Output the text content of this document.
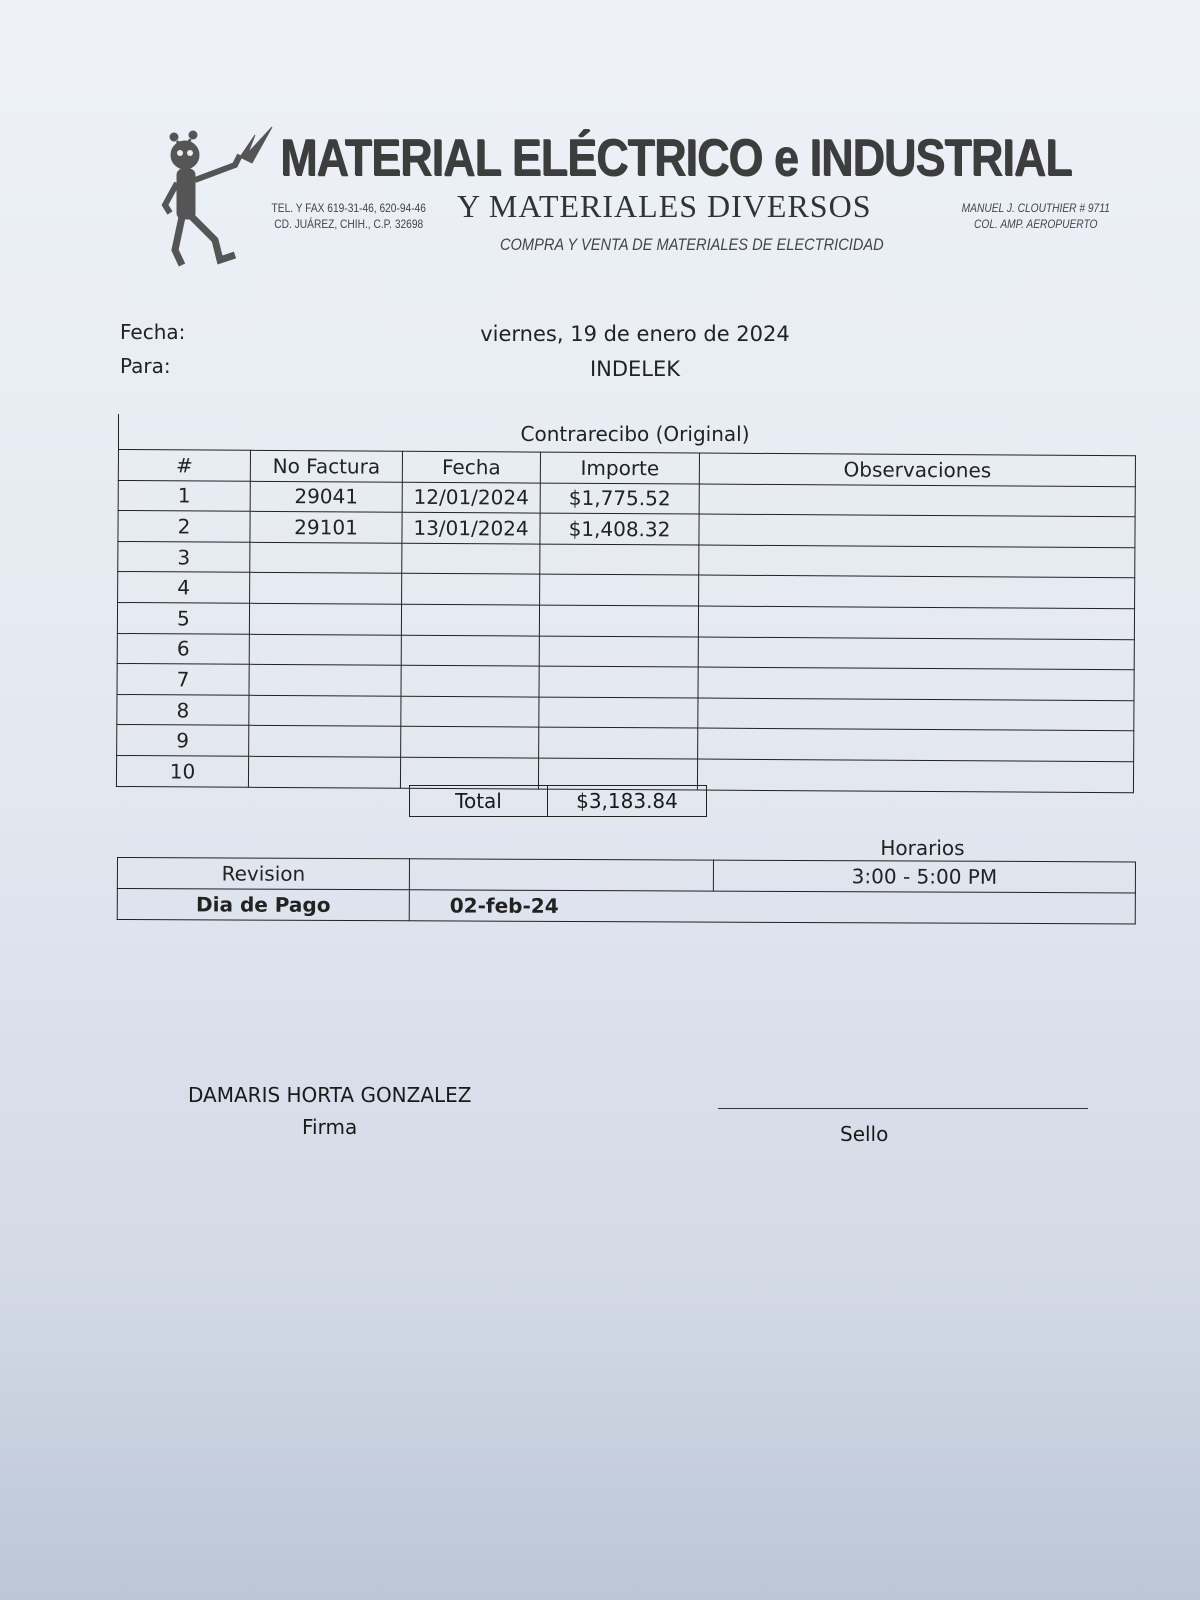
MATERIAL ELÉCTRICO e INDUSTRIAL
Y MATERIALES DIVERSOS
TEL. Y FAX 619-31-46, 620-94-46
CD. JUÁREZ, CHIH., C.P. 32698
MANUEL J. CLOUTHIER # 9711
COL. AMP. AEROPUERTO
COMPRA Y VENTA DE MATERIALES DE ELECTRICIDAD
Fecha:	viernes, 19 de enero de 2024
Para:	INDELEK
Contrarecibo (Original)
#	No Factura	Fecha	Importe	Observaciones
1	29041	12/01/2024	$1,775.52	
2	29101	13/01/2024	$1,408.32	
3				
4				
5				
6				
7				
8				
9				
10				
Total	$3,183.84
Horarios
Revision		3:00 - 5:00 PM
Dia de Pago	02-feb-24	
DAMARIS HORTA GONZALEZ
Firma	Sello
